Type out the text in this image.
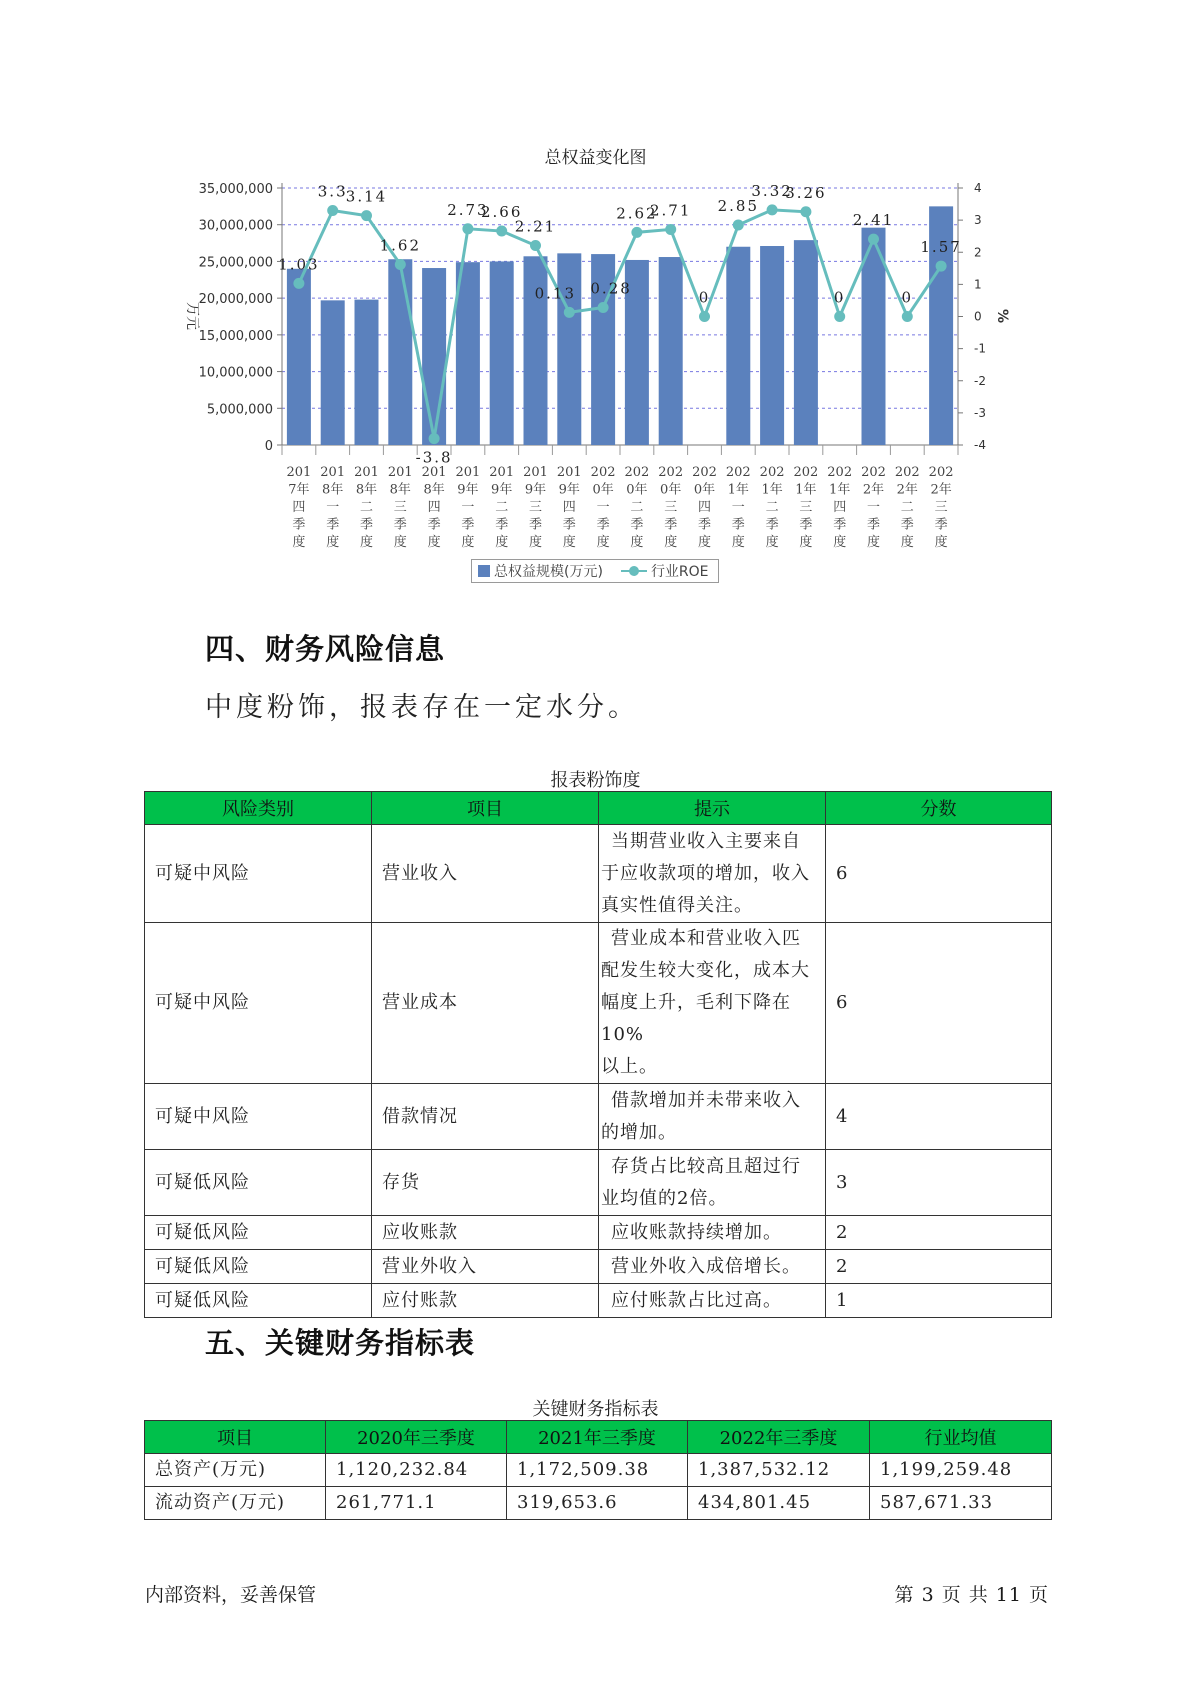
总权益变化图
35,000,000
30,000,000
25,000,000
20,000,000
15,000,000
10,000,000
5,000,000
0
4
3
2
1
0
-1
-2
-3
-4
万元	%
201
7年
四
季
度
201
8年
一
季
度
201
8年
二
季
度
201
8年
三
季
度
201
8年
四
季
度
201
9年
一
季
度
201
9年
二
季
度
201
9年
三
季
度
201
9年
四
季
度
202
0年
一
季
度
202
0年
二
季
度
202
0年
三
季
度
202
0年
四
季
度
202
1年
一
季
度
202
1年
二
季
度
202
1年
三
季
度
202
1年
四
季
度
202
2年
一
季
度
202
2年
二
季
度
202
2年
三
季
度
1.03
3.3
3.14
1.62
-3.8
2.73
2.66
2.21
0.13 0.28
2.62
2.71
0
2.85
3.32
3.26
0
2.41
0
1.57
总权益规模(万元)	行业ROE
四、财务风险信息

中度粉饰，报表存在一定水分。

报表粉饰度

风险类别	项目	提示	分数
可疑中风险	营业收入	当期营业收入主要来自
于应收款项的增加，收入
真实性值得关注。	6
可疑中风险	营业成本	营业成本和营业收入匹
配发生较大变化，成本大
幅度上升，毛利下降在10%
以上。	6
可疑中风险	借款情况	借款增加并未带来收入
的增加。	4
可疑低风险	存货	存货占比较高且超过行
业均值的2倍。	3
可疑低风险	应收账款	应收账款持续增加。	2
可疑低风险	营业外收入	营业外收入成倍增长。	2
可疑低风险	应付账款	应付账款占比过高。	1
五、关键财务指标表

关键财务指标表

项目	2020年三季度	2021年三季度	2022年三季度	行业均值
总资产(万元)	1,120,232.84	1,172,509.38	1,387,532.12	1,199,259.48
流动资产(万元)	261,771.1	319,653.6	434,801.45	587,671.33
内部资料，妥善保管	第 3 页 共 11 页
